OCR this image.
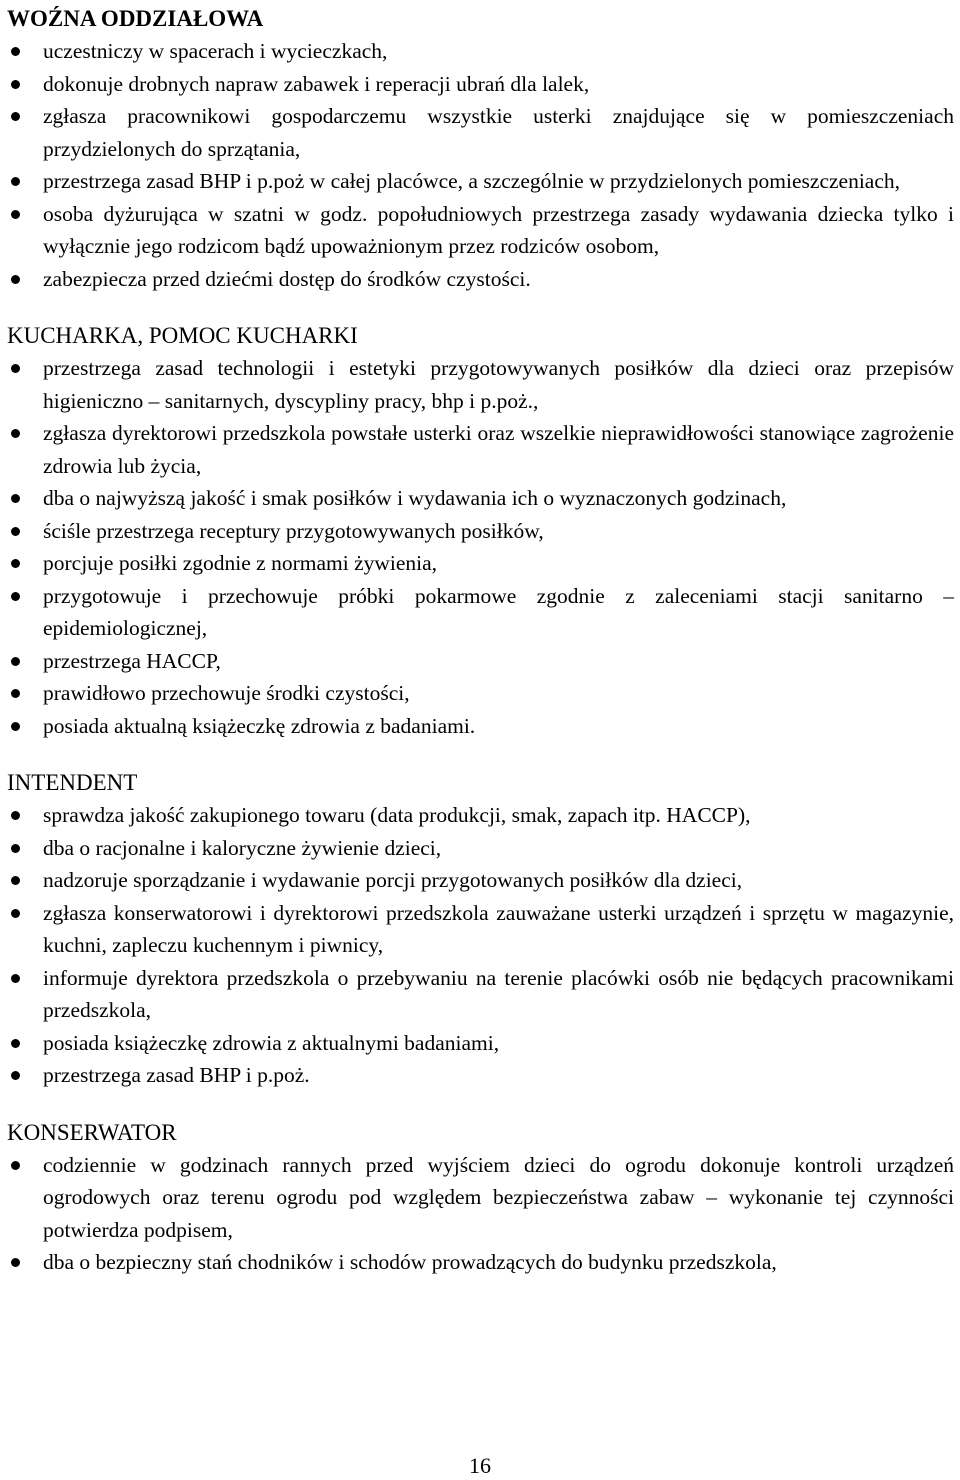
WOŹNA ODDZIAŁOWA
uczestniczy w spacerach i wycieczkach,
dokonuje drobnych napraw zabawek i reperacji ubrań dla lalek,
zgłasza pracownikowi gospodarczemu wszystkie usterki znajdujące się w pomieszczeniach przydzielonych do sprzątania,
przestrzega zasad BHP i p.poż w całej placówce, a szczególnie w przydzielonych pomieszczeniach,
osoba dyżurująca w szatni w godz. popołudniowych przestrzega zasady wydawania dziecka tylko i wyłącznie jego rodzicom bądź upoważnionym przez rodziców osobom,
zabezpiecza przed dziećmi dostęp do środków czystości.
KUCHARKA, POMOC KUCHARKI
przestrzega zasad technologii i estetyki przygotowywanych posiłków dla dzieci oraz przepisów higieniczno – sanitarnych, dyscypliny pracy, bhp i p.poż.,
zgłasza dyrektorowi przedszkola powstałe usterki oraz wszelkie nieprawidłowości stanowiące zagrożenie zdrowia lub życia,
dba o najwyższą jakość i smak posiłków i wydawania ich o wyznaczonych godzinach,
ściśle przestrzega receptury przygotowywanych posiłków,
porcjuje posiłki zgodnie z normami żywienia,
przygotowuje i przechowuje próbki pokarmowe zgodnie z zaleceniami stacji sanitarno – epidemiologicznej,
przestrzega HACCP,
prawidłowo przechowuje środki czystości,
posiada aktualną książeczkę zdrowia z badaniami.
INTENDENT
sprawdza jakość zakupionego towaru (data produkcji, smak, zapach itp. HACCP),
dba o racjonalne i kaloryczne żywienie dzieci,
nadzoruje sporządzanie i wydawanie porcji przygotowanych posiłków dla dzieci,
zgłasza konserwatorowi i dyrektorowi przedszkola zauważane usterki urządzeń i sprzętu w magazynie, kuchni, zapleczu kuchennym i piwnicy,
informuje dyrektora przedszkola o przebywaniu na terenie placówki osób nie będących pracownikami przedszkola,
posiada książeczkę zdrowia z aktualnymi badaniami,
przestrzega zasad BHP i p.poż.
KONSERWATOR
codziennie w godzinach rannych przed wyjściem dzieci do ogrodu dokonuje kontroli urządzeń ogrodowych oraz terenu ogrodu pod względem bezpieczeństwa zabaw – wykonanie tej czynności potwierdza podpisem,
dba o bezpieczny stań chodników i schodów prowadzących do budynku przedszkola,
16
